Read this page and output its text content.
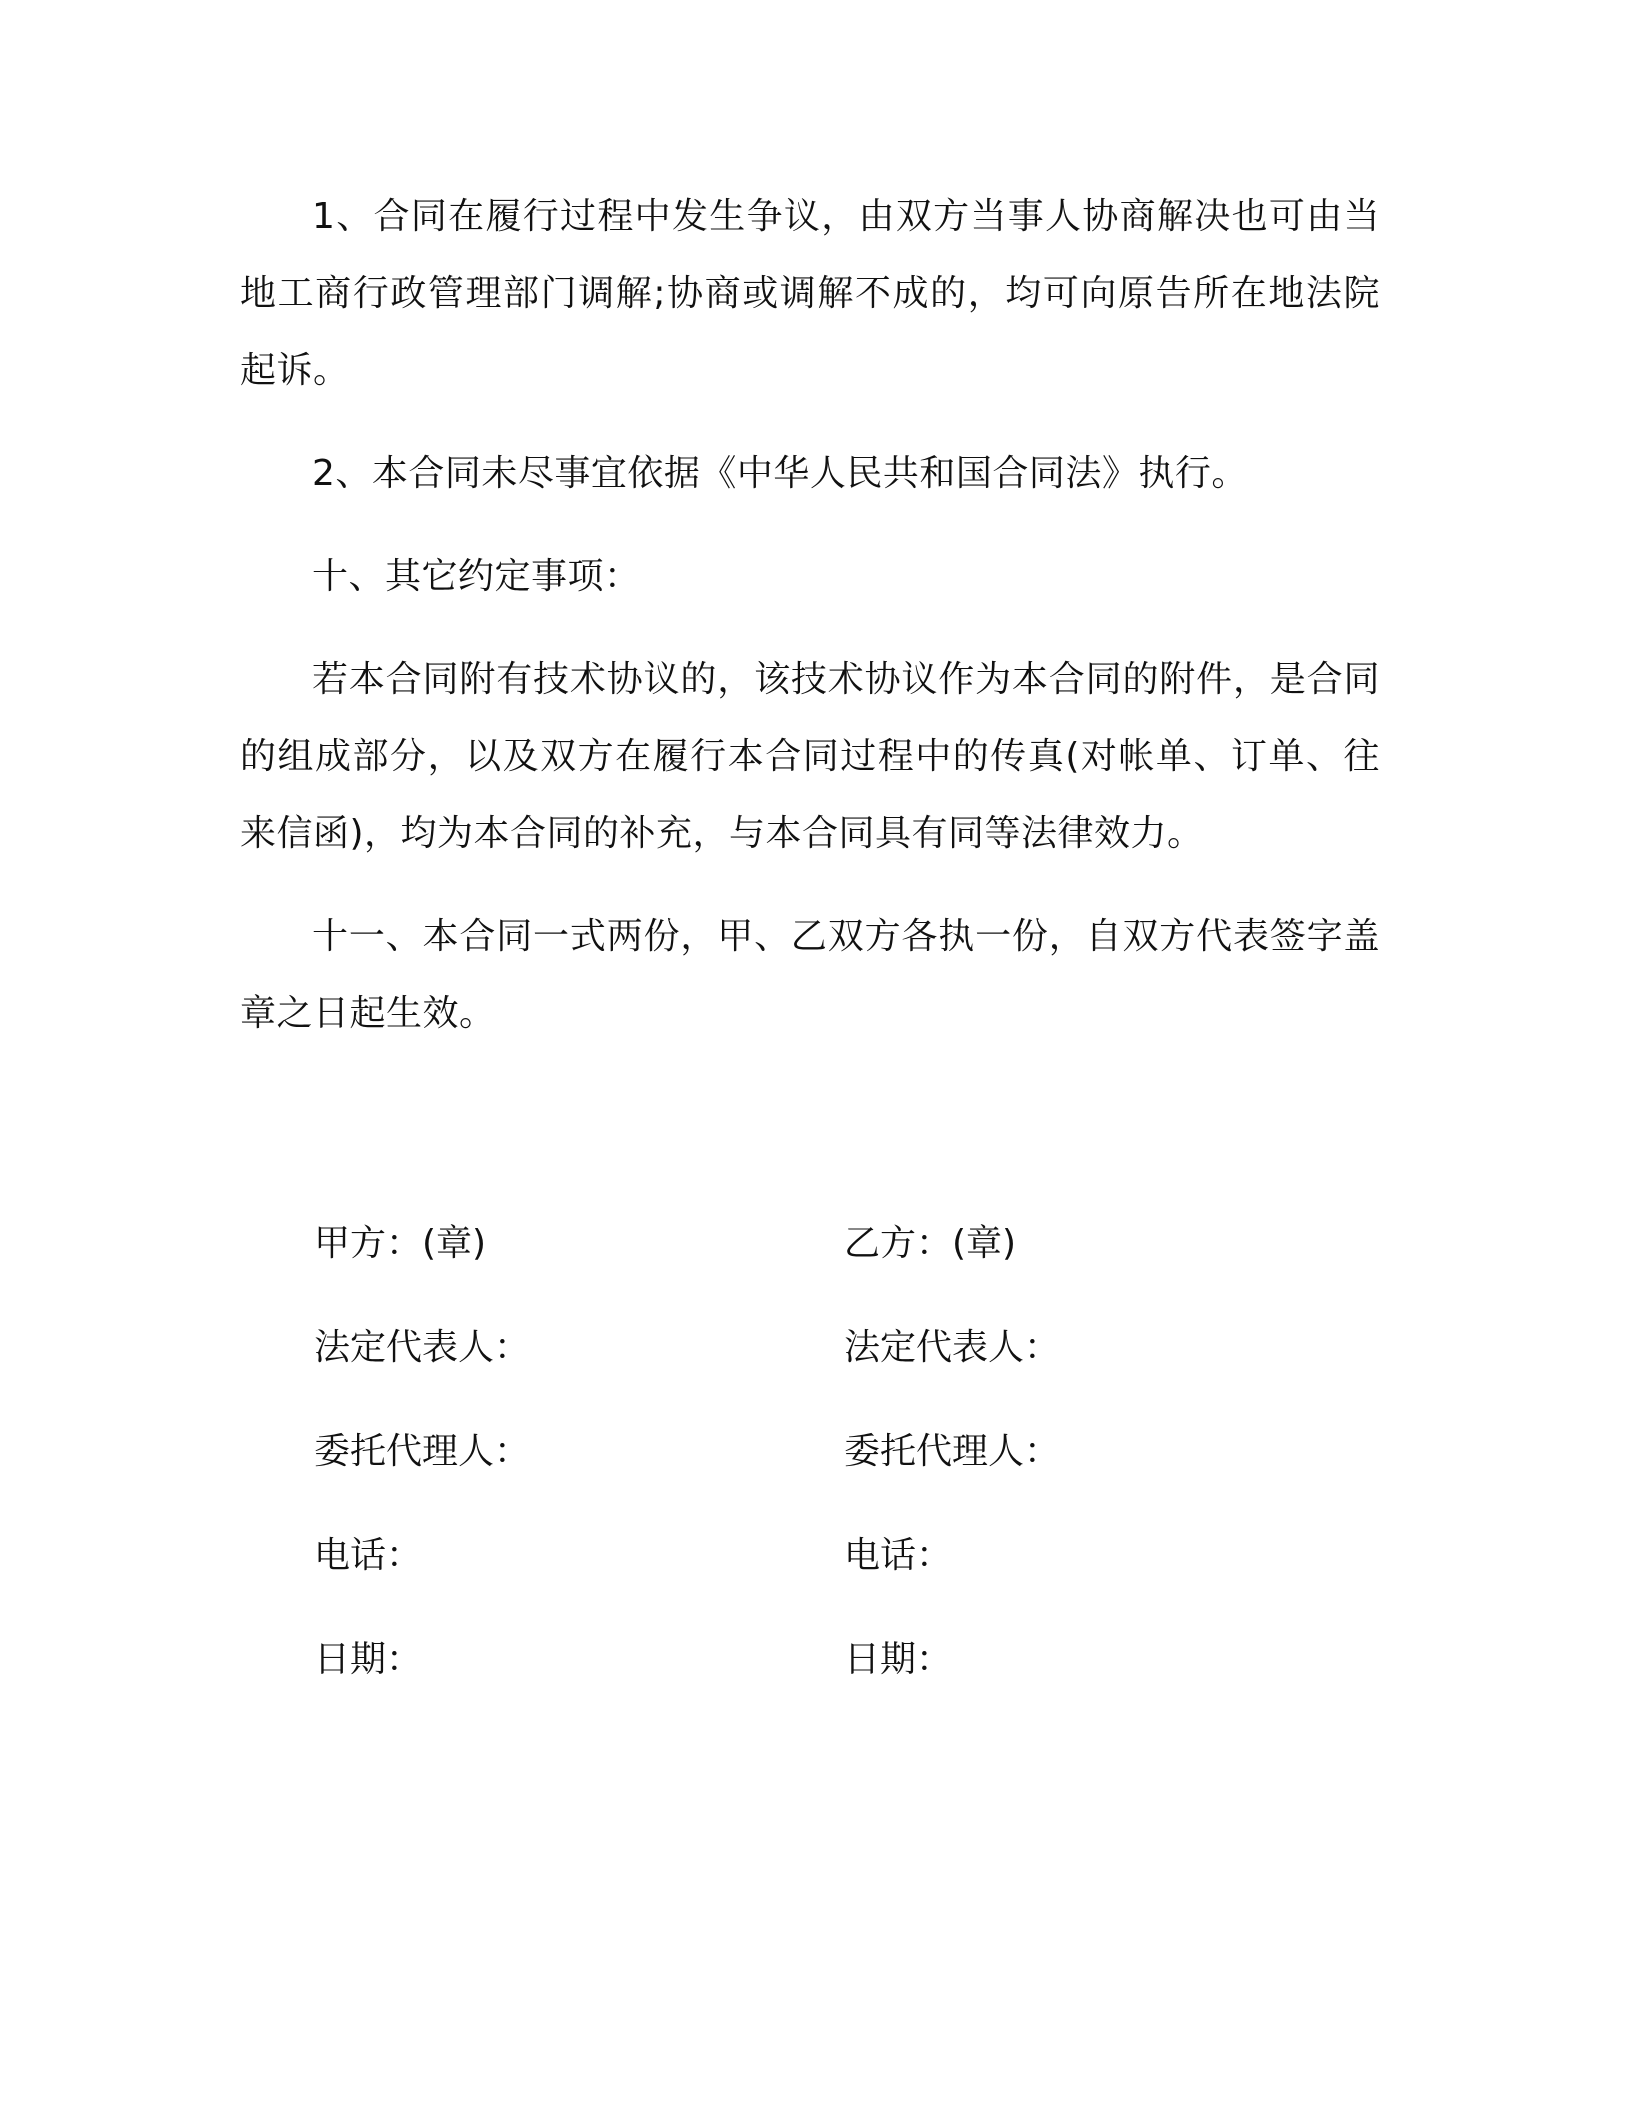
1、合同在履行过程中发生争议，由双方当事人协商解决也可由当地工商行政管理部门调解;协商或调解不成的，均可向原告所在地法院起诉。

2、本合同未尽事宜依据《中华人民共和国合同法》执行。

十、其它约定事项：

若本合同附有技术协议的，该技术协议作为本合同的附件，是合同的组成部分，以及双方在履行本合同过程中的传真(对帐单、订单、往来信函)，均为本合同的补充，与本合同具有同等法律效力。

十一、本合同一式两份，甲、乙双方各执一份，自双方代表签字盖章之日起生效。

甲方：(章)	乙方：(章)
法定代表人：	法定代表人：
委托代理人：	委托代理人：
电话：	电话：
日期：	日期：
